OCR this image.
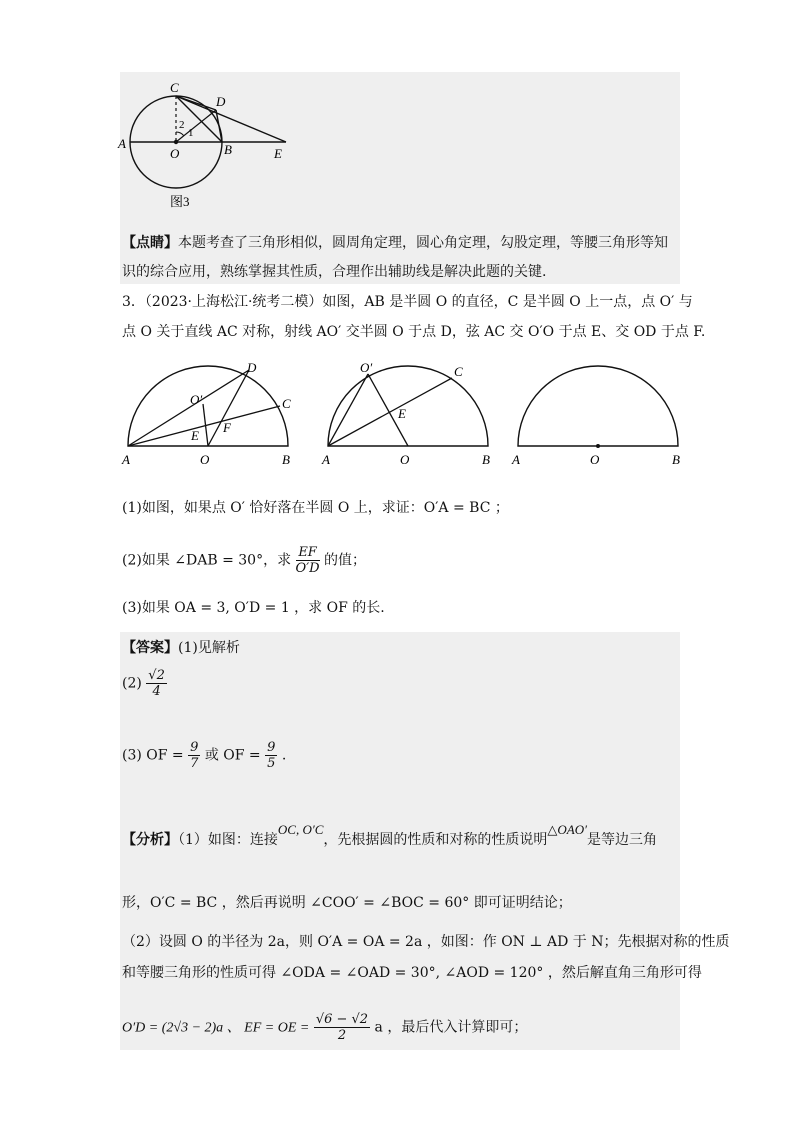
C
D
A
O	B	E
2
1
图3
【点睛】本题考查了三角形相似，圆周角定理，圆心角定理，勾股定理，等腰三角形等知
识的综合应用，熟练掌握其性质，合理作出辅助线是解决此题的关键.
3．（2023·上海松江·统考二模）如图，AB 是半圆 O 的直径，C 是半圆 O 上一点，点 O′ 与
点 O 关于直线 AC 对称，射线 AO′ 交半圆 O 于点 D，弦 AC 交 O′O 于点 E、交 OD 于点 F.
D
O′	C
E
F
A	O	B
O′	C
E
A	O	B A	O	B
(1)如图，如果点 O′ 恰好落在半圆 O 上，求证：O′A = BC ；
(2)如果 ∠DAB = 30°，求 $\frac{EF}{O'D}$ 的值；
(3)如果 OA = 3, O′D = 1 ，求 OF 的长.
【答案】(1)见解析
$(2) \frac{√2}{4}$
(3) OF = $\frac{9}{7}$ 或 OF = $\frac{9}{5}$ .
【分析】（1）如图：连接OC, O′C，先根据圆的性质和对称的性质说明△OAO′是等边三角
形，O′C = BC ，然后再说明 ∠COO′ = ∠BOC = 60° 即可证明结论；
（2）设圆 O 的半径为 2a，则 O′A = OA = 2a ，如图：作 ON ⊥ AD 于 N；先根据对称的性质
和等腰三角形的性质可得 ∠ODA = ∠OAD = 30°, ∠AOD = 120° ，然后解直角三角形可得
O′D = (2√3 − 2)a 、 EF = OE = $\frac{√6 - √2}{2}$ a ，最后代入计算即可；
